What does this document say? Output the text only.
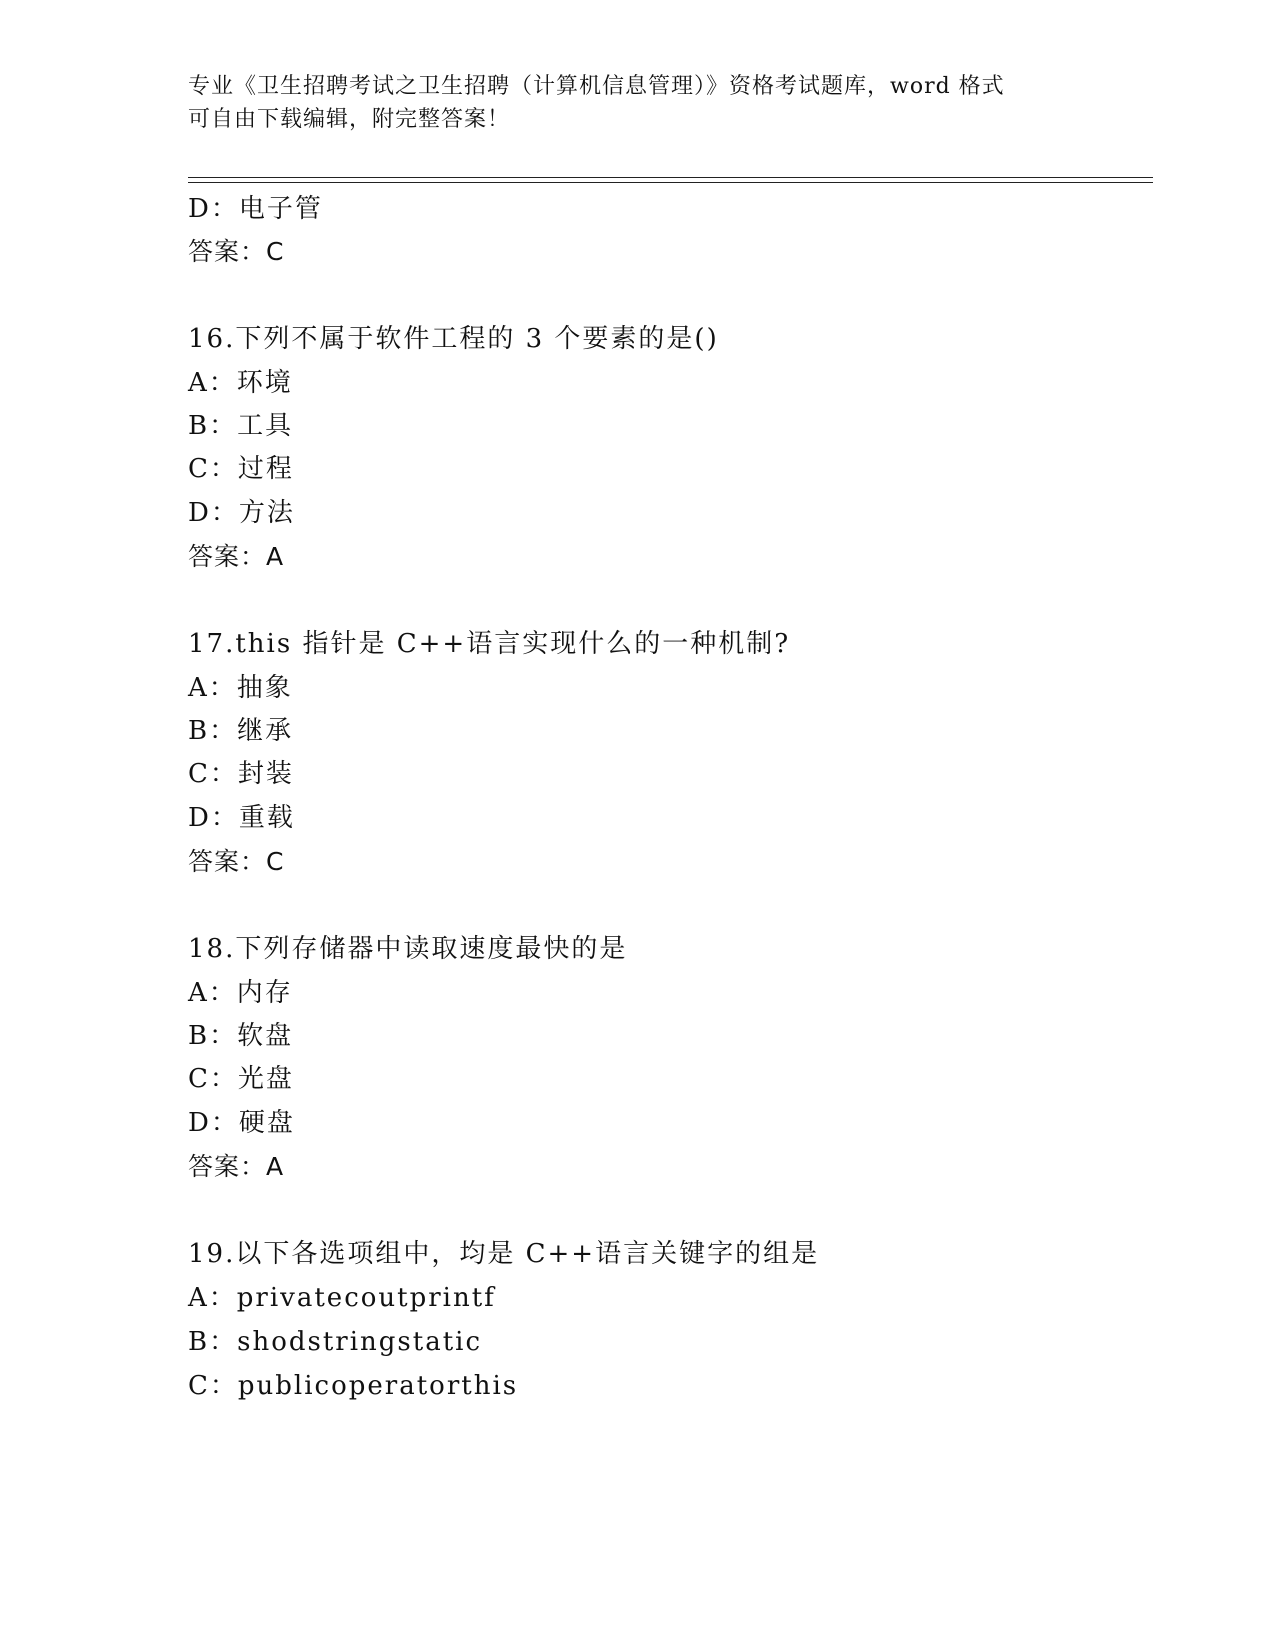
专业《卫生招聘考试之卫生招聘（计算机信息管理）》资格考试题库，word 格式
可自由下载编辑，附完整答案！
D：电子管
答案：C
16.下列不属于软件工程的 3 个要素的是()
A：环境
B：工具
C：过程
D：方法
答案：A
17.this 指针是 C++语言实现什么的一种机制?
A：抽象
B：继承
C：封装
D：重载
答案：C
18.下列存储器中读取速度最快的是
A：内存
B：软盘
C：光盘
D：硬盘
答案：A
19.以下各选项组中，均是 C++语言关键字的组是
A：privatecoutprintf
B：shodstringstatic
C：publicoperatorthis
